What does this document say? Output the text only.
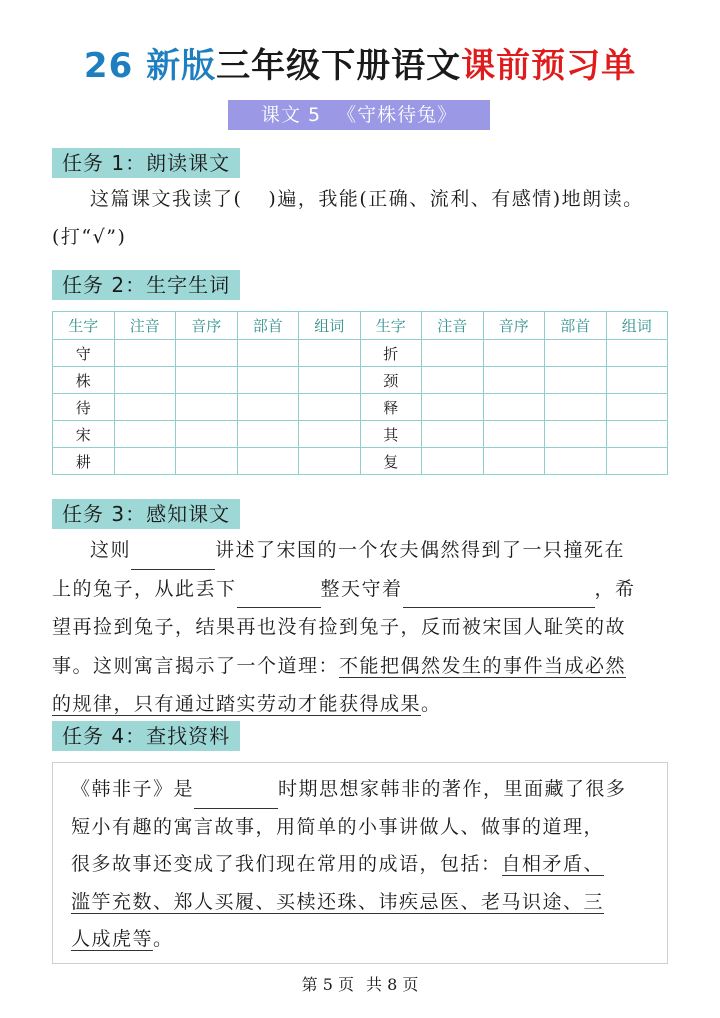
26 新版三年级下册语文课前预习单
课文 5 《守株待兔》
任务 1：朗读课文
这篇课文我读了( )遍，我能(正确、流利、有感情)地朗读。
(打“√”)
任务 2：生字生词
生字	注音	音序	部首	组词	生字	注音	音序	部首	组词
守					折				
株					颈				
待					释				
宋					其				
耕					复				
任务 3：感知课文
这则	讲述了宋国的一个农夫偶然得到了一只撞死在
上的兔子，从此丢下	整天守着	，希
望再捡到兔子，结果再也没有捡到兔子，反而被宋国人耻笑的故
事。这则寓言揭示了一个道理：不能把偶然发生的事件当成必然
的规律，只有通过踏实劳动才能获得成果。
任务 4：查找资料
《韩非子》是	时期思想家韩非的著作，里面藏了很多
短小有趣的寓言故事，用简单的小事讲做人、做事的道理，
很多故事还变成了我们现在常用的成语，包括：自相矛盾、
滥竽充数、郑人买履、买椟还珠、讳疾忌医、老马识途、三
人成虎等。
第 5 页 共 8 页
